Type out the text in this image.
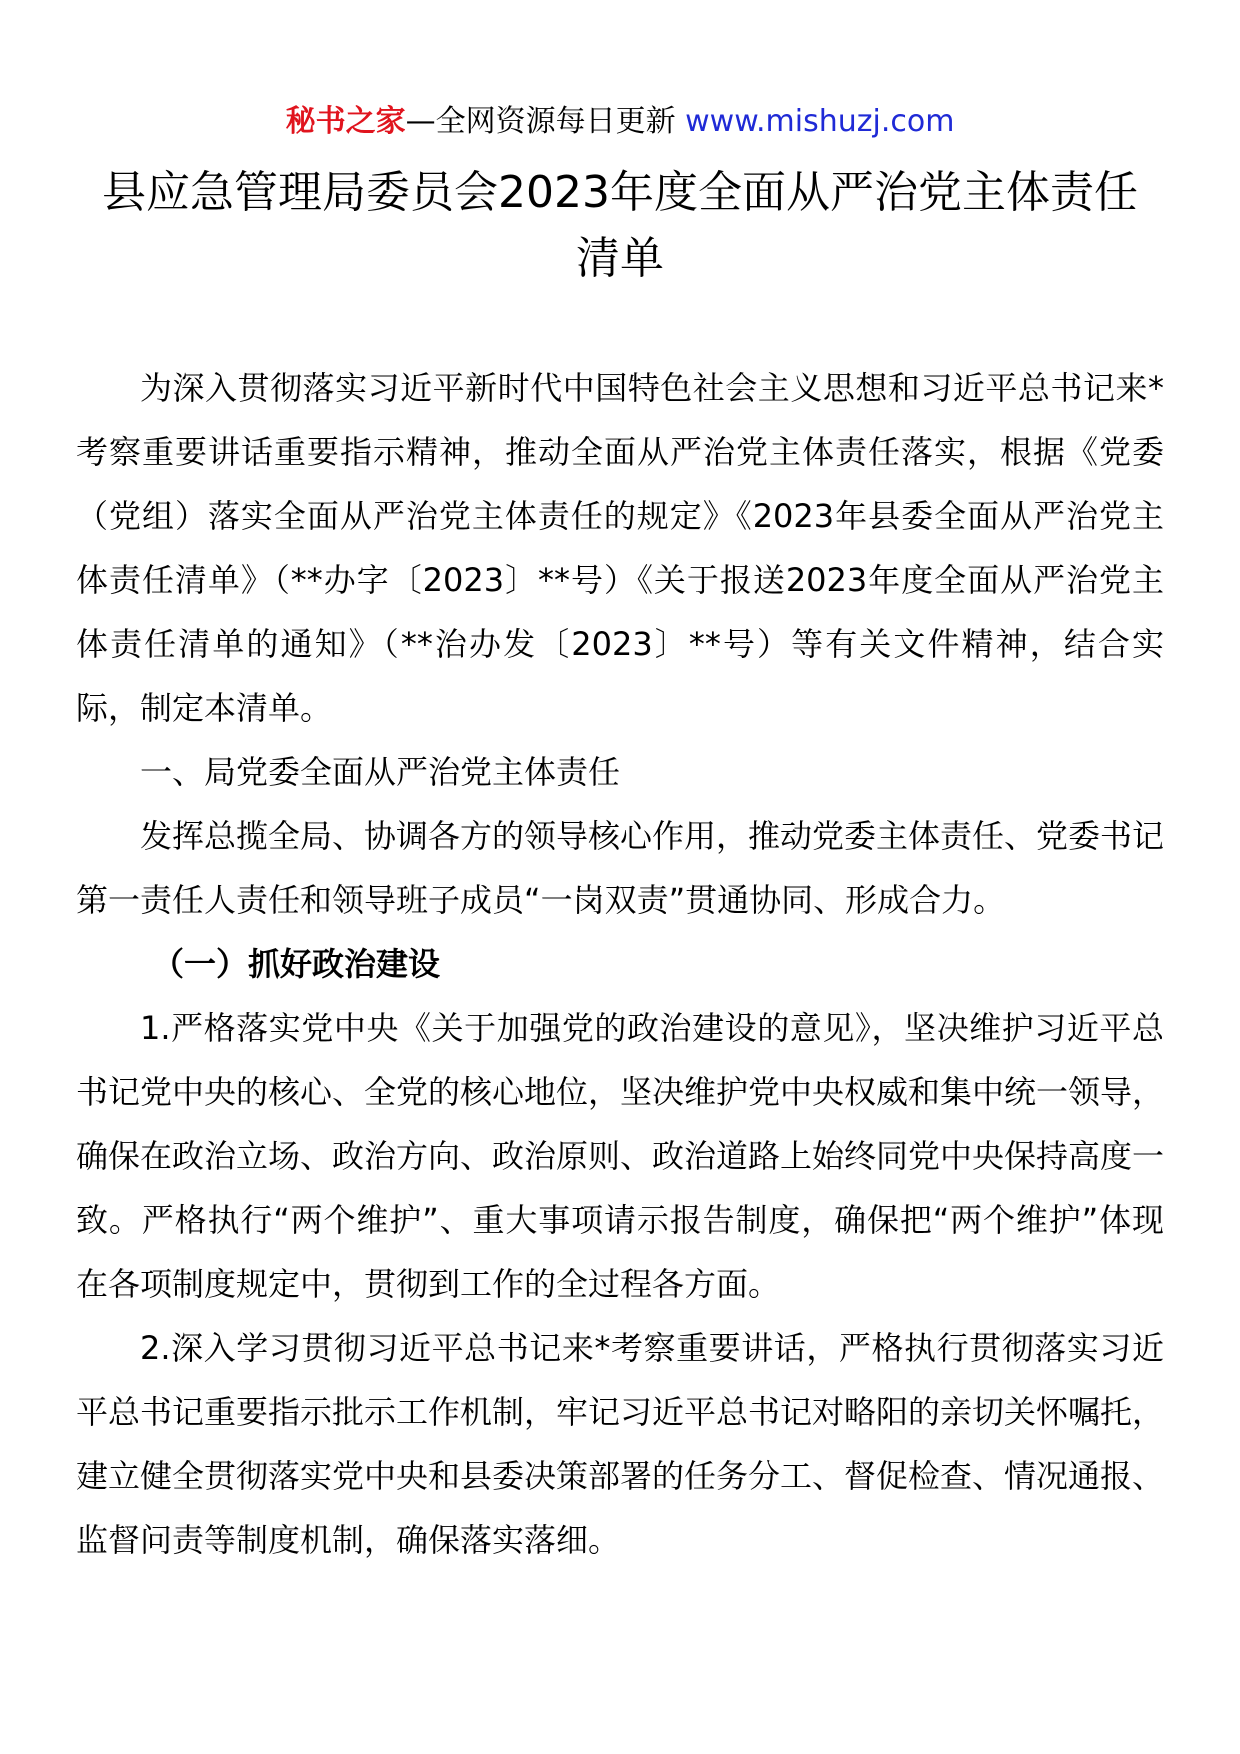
秘书之家—全网资源每日更新 www.mishuzj.com
县应急管理局委员会2023年度全面从严治党主体责任清单

为深入贯彻落实习近平新时代中国特色社会主义思想和习近平总书记来*考察重要讲话重要指示精神，推动全面从严治党主体责任落实，根据《党委（党组）落实全面从严治党主体责任的规定》《2023年县委全面从严治党主体责任清单》（**办字〔2023〕**号）《关于报送2023年度全面从严治党主体责任清单的通知》（**治办发〔2023〕**号）等有关文件精神，结合实际，制定本清单。

一、局党委全面从严治党主体责任

发挥总揽全局、协调各方的领导核心作用，推动党委主体责任、党委书记第一责任人责任和领导班子成员“一岗双责”贯通协同、形成合力。

（一）抓好政治建设

1.严格落实党中央《关于加强党的政治建设的意见》，坚决维护习近平总书记党中央的核心、全党的核心地位，坚决维护党中央权威和集中统一领导，确保在政治立场、政治方向、政治原则、政治道路上始终同党中央保持高度一致。严格执行“两个维护”、重大事项请示报告制度，确保把“两个维护”体现在各项制度规定中，贯彻到工作的全过程各方面。

2.深入学习贯彻习近平总书记来*考察重要讲话，严格执行贯彻落实习近平总书记重要指示批示工作机制，牢记习近平总书记对略阳的亲切关怀嘱托，建立健全贯彻落实党中央和县委决策部署的任务分工、督促检查、情况通报、监督问责等制度机制，确保落实落细。
